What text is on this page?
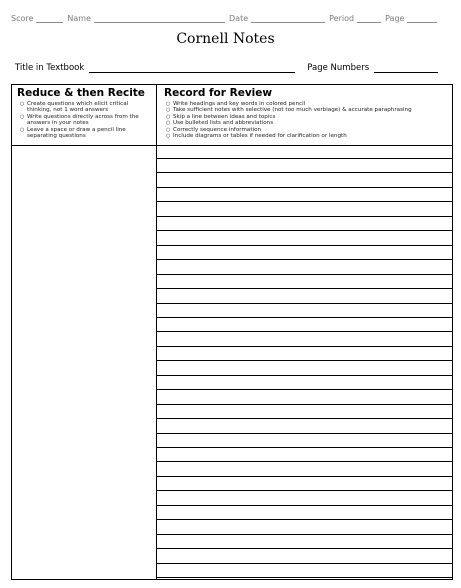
Score	Name	Date	Period	Page
Cornell Notes
Title in Textbook	Page Numbers
Reduce & then Recite
○ Create questions which elicit critical thinking, not 1 word answers
○ Write questions directly across from the answers in your notes
○ Leave a space or draw a pencil line separating questions
Record for Review
○ Write headings and key words in colored pencil
○ Take sufficient notes with selective (not too much verbiage) & accurate paraphrasing
○ Skip a line between ideas and topics
○ Use bulleted lists and abbreviations
○ Correctly sequence information
○ Include diagrams or tables if needed for clarification or length
